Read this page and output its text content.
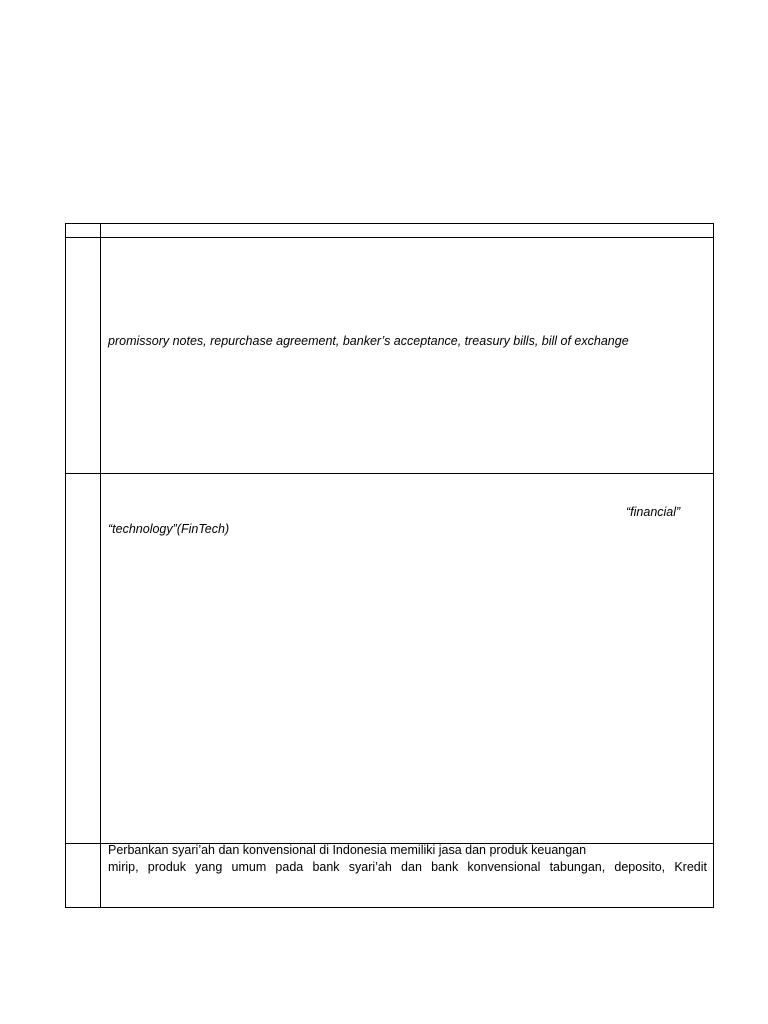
promissory notes, repurchase agreement, banker’s acceptance, treasury bills, bill of exchange
“financial”
“technology”(FinTech)
Perbankan syari’ah dan konvensional di Indonesia memiliki jasa dan produk keuangan
mirip, produk yang umum pada bank syari’ah dan bank konvensional tabungan, deposito, Kredit
